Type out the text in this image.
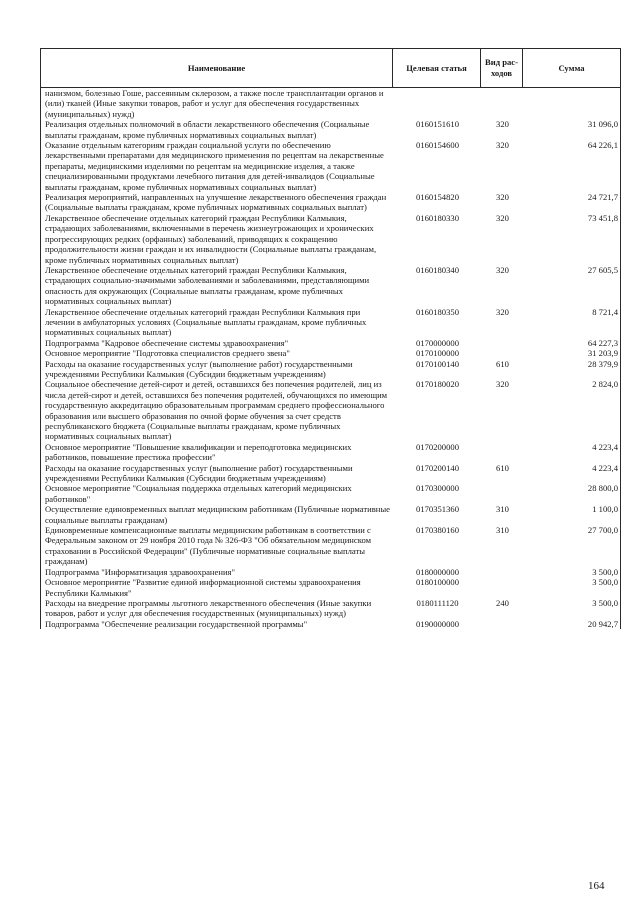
Наименование	Целевая статья	Вид рас-ходов	Сумма
нанизмом, болезнью Гоше, рассеянным склерозом, а также после трансплантации органов и (или) тканей (Иные закупки товаров, работ и услуг для обеспечения государственных (муниципальных) нужд)			
Реализация отдельных полномочий в области лекарственного обеспечения (Социальные выплаты гражданам, кроме публичных нормативных социальных выплат)	0160151610	320	31 096,0
Оказание отдельным категориям граждан социальной услуги по обеспечению лекарственными препаратами для медицинского применения по рецептам на лекарственные препараты, медицинскими изделиями по рецептам на медицинские изделия, а также специализированными продуктами лечебного питания для детей-инвалидов (Социальные выплаты гражданам, кроме публичных нормативных социальных выплат)	0160154600	320	64 226,1
Реализация мероприятий, направленных на улучшение лекарственного обеспечения граждан (Социальные выплаты гражданам, кроме публичных нормативных социальных выплат)	0160154820	320	24 721,7
Лекарственное обеспечение отдельных категорий граждан Республики Калмыкия, страдающих заболеваниями, включенными в перечень жизнеугрожающих и хронических прогрессирующих редких (орфанных) заболеваний, приводящих к сокращению продолжительности жизни граждан и их инвалидности (Социальные выплаты гражданам, кроме публичных нормативных социальных выплат)	0160180330	320	73 451,8
Лекарственное обеспечение отдельных категорий граждан Республики Калмыкия, страдающих социально-значимыми заболеваниями и заболеваниями, представляющими опасность для окружающих (Социальные выплаты гражданам, кроме публичных нормативных социальных выплат)	0160180340	320	27 605,5
Лекарственное обеспечение отдельных категорий граждан Республики Калмыкия при лечении в амбулаторных условиях (Социальные выплаты гражданам, кроме публичных нормативных социальных выплат)	0160180350	320	8 721,4
Подпрограмма "Кадровое обеспечение системы здравоохранения"	0170000000		64 227,3
Основное мероприятие "Подготовка специалистов среднего звена"	0170100000		31 203,9
Расходы на оказание государственных услуг (выполнение работ) государственными учреждениями Республики Калмыкия (Субсидии бюджетным учреждениям)	0170100140	610	28 379,9
Социальное обеспечение детей-сирот и детей, оставшихся без попечения родителей, лиц из числа детей-сирот и детей, оставшихся без попечения родителей, обучающихся по имеющим государственную аккредитацию образовательным программам среднего профессионального образования или высшего образования по очной форме обучения за счет средств республиканского бюджета (Социальные выплаты гражданам, кроме публичных нормативных социальных выплат)	0170180020	320	2 824,0
Основное мероприятие "Повышение квалификации и переподготовка медицинских работников, повышение престижа профессии"	0170200000		4 223,4
Расходы на оказание государственных услуг (выполнение работ) государственными учреждениями Республики Калмыкия (Субсидии бюджетным учреждениям)	0170200140	610	4 223,4
Основное мероприятие "Социальная поддержка отдельных категорий медицинских работников"	0170300000		28 800,0
Осуществление единовременных выплат медицинским работникам (Публичные нормативные социальные выплаты гражданам)	0170351360	310	1 100,0
Единовременные компенсационные выплаты медицинским работникам в соответствии с Федеральным законом от 29 ноября 2010 года № 326-ФЗ "Об обязательном медицинском страховании в Российской Федерации" (Публичные нормативные социальные выплаты гражданам)	0170380160	310	27 700,0
Подпрограмма "Информатизация здравоохранения"	0180000000		3 500,0
Основное мероприятие "Развитие единой информационной системы здравоохранения Республики Калмыкия"	0180100000		3 500,0
Расходы на внедрение программы льготного лекарственного обеспечения (Иные закупки товаров, работ и услуг для обеспечения государственных (муниципальных) нужд)	0180111120	240	3 500,0
Подпрограмма "Обеспечение реализации государственной программы"	0190000000		20 942,7
164
